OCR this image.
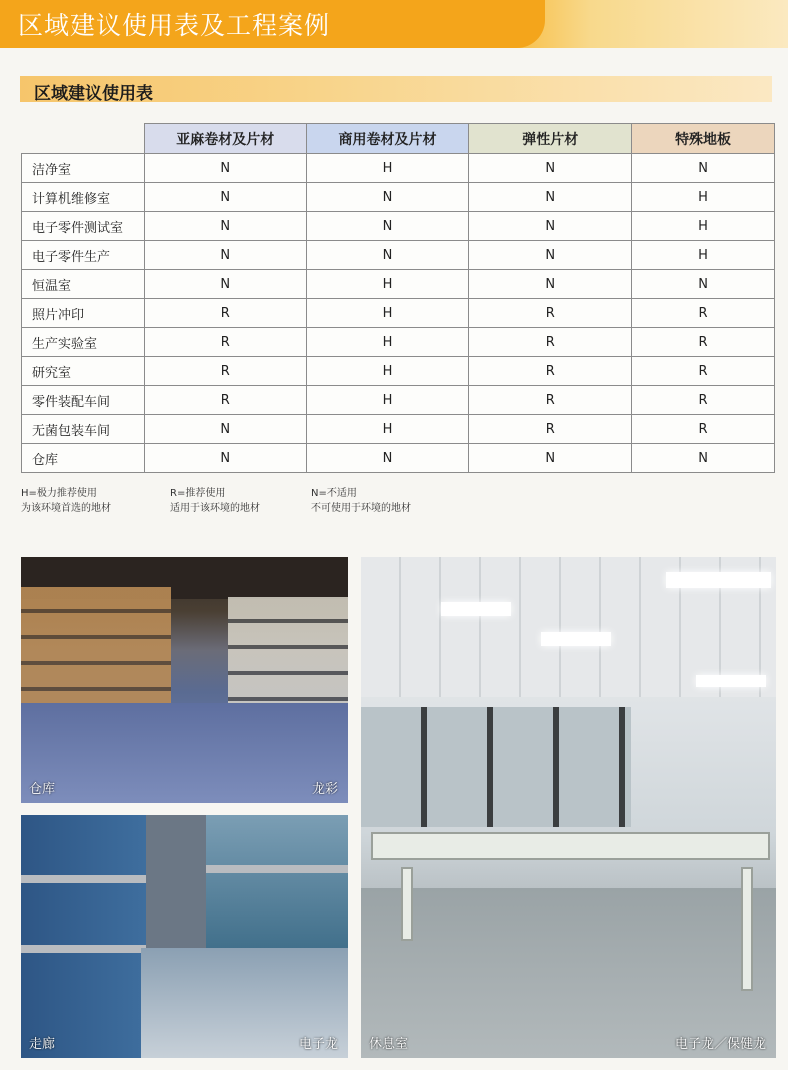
区域建议使用表及工程案例
区域建议使用表
	亚麻卷材及片材	商用卷材及片材	弹性片材	特殊地板
洁净室	N	H	N	N
计算机维修室	N	N	N	H
电子零件测试室	N	N	N	H
电子零件生产	N	N	N	H
恒温室	N	H	N	N
照片冲印	R	H	R	R
生产实验室	R	H	R	R
研究室	R	H	R	R
零件装配车间	R	H	R	R
无菌包装车间	N	H	R	R
仓库	N	N	N	N
H=极力推荐使用
为该环境首选的地材
R=推荐使用
适用于该环境的地材
N=不适用
不可使用于环境的地材
仓库	龙彩
走廊	电子龙 休息室	电子龙／保健龙
